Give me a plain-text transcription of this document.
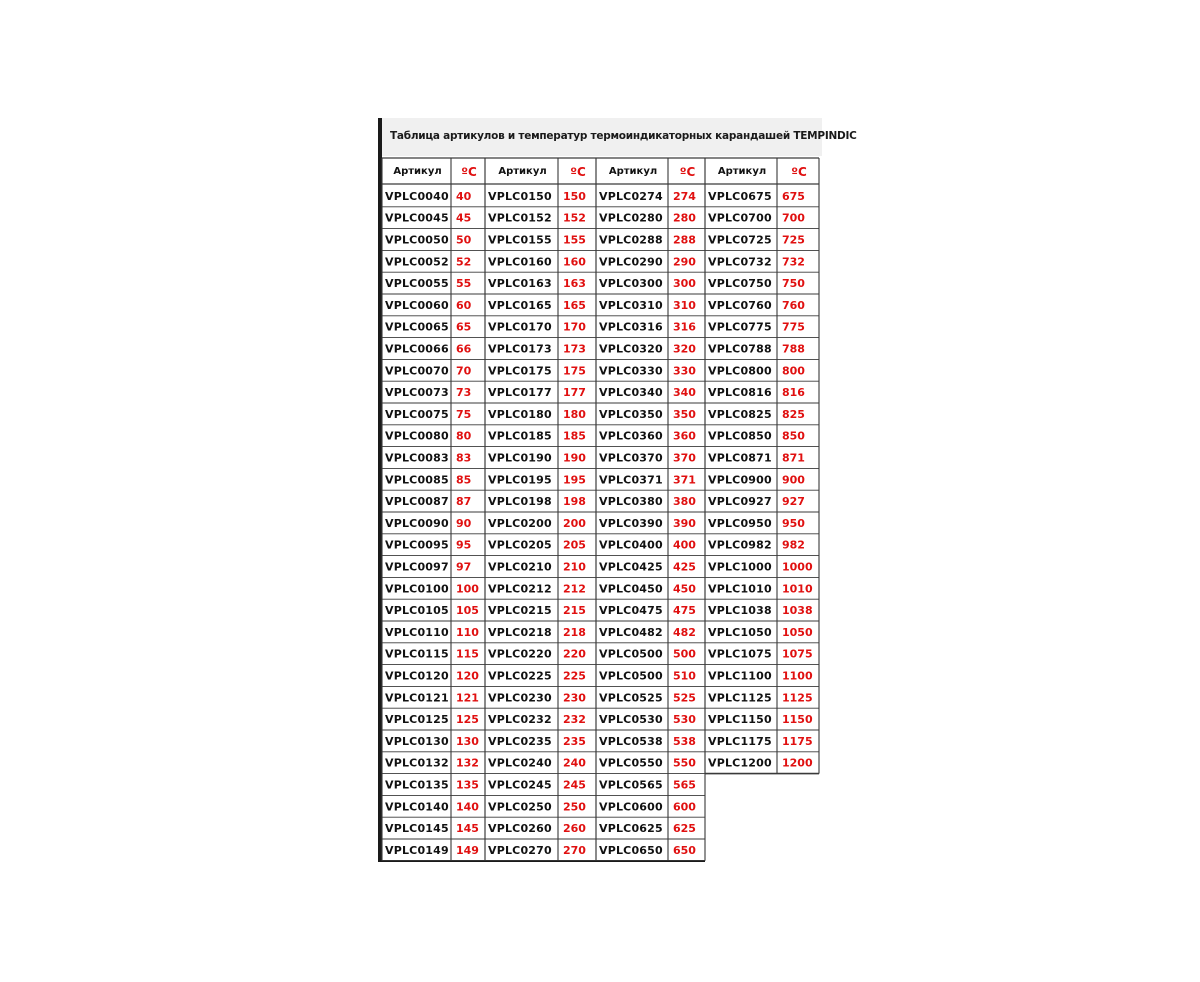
Таблица артикулов и температур термоиндикаторных карандашей TEMPINDIC
Артикул ºC
VPLC0040 40
VPLC0045 45
VPLC0050 50
VPLC0052 52
VPLC0055 55
VPLC0060 60
VPLC0065 65
VPLC0066 66
VPLC0070 70
VPLC0073 73
VPLC0075 75
VPLC0080 80
VPLC0083 83
VPLC0085 85
VPLC0087 87
VPLC0090 90
VPLC0095 95
VPLC0097 97
VPLC0100 100
VPLC0105 105
VPLC0110 110
VPLC0115 115
VPLC0120 120
VPLC0121 121
VPLC0125 125
VPLC0130 130
VPLC0132 132
VPLC0135 135
VPLC0140 140
VPLC0145 145
VPLC0149 149
Артикул ºC
VPLC0150 150
VPLC0152 152
VPLC0155 155
VPLC0160 160
VPLC0163 163
VPLC0165 165
VPLC0170 170
VPLC0173 173
VPLC0175 175
VPLC0177 177
VPLC0180 180
VPLC0185 185
VPLC0190 190
VPLC0195 195
VPLC0198 198
VPLC0200 200
VPLC0205 205
VPLC0210 210
VPLC0212 212
VPLC0215 215
VPLC0218 218
VPLC0220 220
VPLC0225 225
VPLC0230 230
VPLC0232 232
VPLC0235 235
VPLC0240 240
VPLC0245 245
VPLC0250 250
VPLC0260 260
VPLC0270 270
Артикул ºC
VPLC0274 274
VPLC0280 280
VPLC0288 288
VPLC0290 290
VPLC0300 300
VPLC0310 310
VPLC0316 316
VPLC0320 320
VPLC0330 330
VPLC0340 340
VPLC0350 350
VPLC0360 360
VPLC0370 370
VPLC0371 371
VPLC0380 380
VPLC0390 390
VPLC0400 400
VPLC0425 425
VPLC0450 450
VPLC0475 475
VPLC0482 482
VPLC0500 500
VPLC0500 510
VPLC0525 525
VPLC0530 530
VPLC0538 538
VPLC0550 550
VPLC0565 565
VPLC0600 600
VPLC0625 625
VPLC0650 650
Артикул ºC
VPLC0675 675
VPLC0700 700
VPLC0725 725
VPLC0732 732
VPLC0750 750
VPLC0760 760
VPLC0775 775
VPLC0788 788
VPLC0800 800
VPLC0816 816
VPLC0825 825
VPLC0850 850
VPLC0871 871
VPLC0900 900
VPLC0927 927
VPLC0950 950
VPLC0982 982
VPLC1000 1000
VPLC1010 1010
VPLC1038 1038
VPLC1050 1050
VPLC1075 1075
VPLC1100 1100
VPLC1125 1125
VPLC1150 1150
VPLC1175 1175
VPLC1200 1200
